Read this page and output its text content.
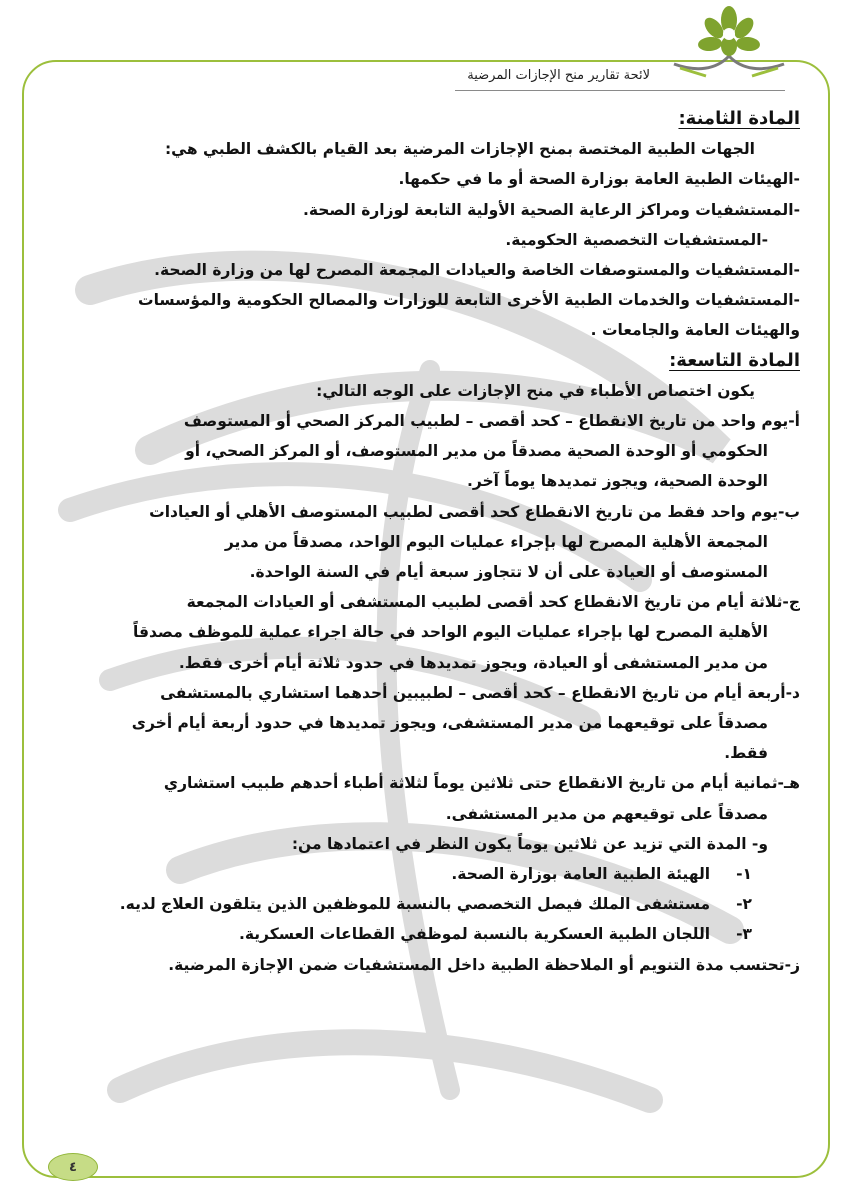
لائحة تقارير منح الإجازات المرضية
المادة الثامنة:
الجهات الطبية المختصة بمنح الإجازات المرضية بعد القيام بالكشف الطبي هي:
-الهيئات الطبية العامة بوزارة الصحة أو ما في حكمها.
-المستشفيات ومراكز الرعاية الصحية الأولية التابعة لوزارة الصحة.
-المستشفيات التخصصية الحكومية.
-المستشفيات والمستوصفات الخاصة والعيادات المجمعة المصرح لها من وزارة الصحة.
-المستشفيات والخدمات الطبية الأخرى التابعة للوزارات والمصالح الحكومية والمؤسسات
والهيئات العامة والجامعات .
المادة التاسعة:
يكون اختصاص الأطباء في منح الإجازات على الوجه التالي:
أ-يوم واحد من تاريخ الانقطاع – كحد أقصى – لطبيب المركز الصحي أو المستوصف
الحكومي أو الوحدة الصحية مصدقاً من مدير المستوصف، أو المركز الصحي، أو
الوحدة الصحية، ويجوز تمديدها يوماً آخر.
ب-يوم واحد فقط من تاريخ الانقطاع كحد أقصى لطبيب المستوصف الأهلي أو العيادات
المجمعة الأهلية المصرح لها بإجراء عمليات اليوم الواحد، مصدقاً من مدير
المستوصف أو العيادة على أن لا تتجاوز سبعة أيام في السنة الواحدة.
ج-ثلاثة أيام من تاريخ الانقطاع كحد أقصى لطبيب المستشفى أو العيادات المجمعة
الأهلية المصرح لها بإجراء عمليات اليوم الواحد في حالة اجراء عملية للموظف مصدقاً
من مدير المستشفى أو العيادة، ويجوز تمديدها في حدود ثلاثة أيام أخرى فقط.
د-أربعة أيام من تاريخ الانقطاع – كحد أقصى – لطبيبين أحدهما استشاري بالمستشفى
مصدقاً على توقيعهما من مدير المستشفى، ويجوز تمديدها في حدود أربعة أيام أخرى
فقط.
هـ-ثمانية أيام من تاريخ الانقطاع حتى ثلاثين يوماً لثلاثة أطباء أحدهم طبيب استشاري
مصدقاً على توقيعهم من مدير المستشفى.
و- المدة التي تزيد عن ثلاثين يوماً يكون النظر في اعتمادها من:
١-
الهيئة الطبية العامة بوزارة الصحة.
٢-
مستشفى الملك فيصل التخصصي بالنسبة للموظفين الذين يتلقون العلاج لديه.
٣-
اللجان الطبية العسكرية بالنسبة لموظفي القطاعات العسكرية.
ز-تحتسب مدة التنويم أو الملاحظة الطبية داخل المستشفيات ضمن الإجازة المرضية.
٤
